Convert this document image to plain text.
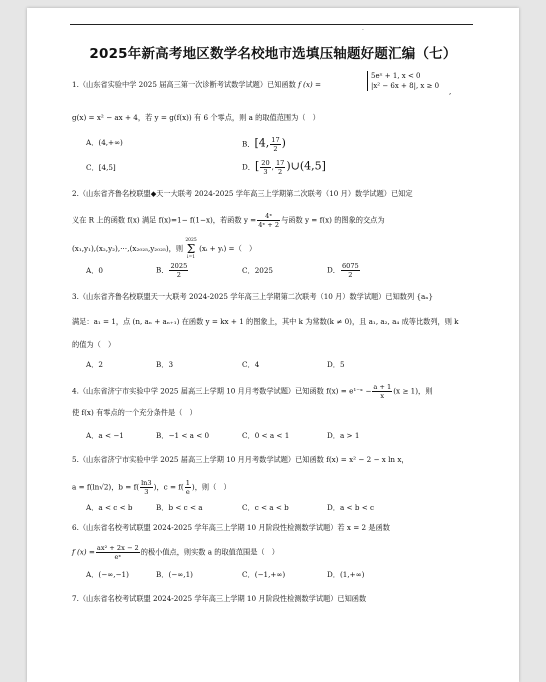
·
2025年新高考地区数学名校地市选填压轴题好题汇编（七）
1.（山东省实验中学 2025 届高三第一次诊断考试数学试题）已知函数 f (x) =
5eˣ + 1, x < 0
|x² − 6x + 8|, x ≥ 0
,
g(x) = x² − ax + 4，若 y = g(f(x)) 有 6 个零点，则 a 的取值范围为（　）
A．(4,+∞)	B．[4, $\frac{17}{2}$ )
C．[4,5]	D．[ $\frac{20}{3}$ , $\frac{17}{2}$ )∪(4,5]
2.（山东省齐鲁名校联盟◆天一大联考 2024-2025 学年高三上学期第二次联考（10 月）数学试题）已知定
义在 R 上的函数 f(x) 满足 f(x)=1− f(1−x)，若函数 $y = \frac{\text{4ˣ}}{\text{4ˣ + 2}}$ 与函数 y = f(x) 的图象的交点为
(x₁,y₁),(x₂,y₂),⋯,(x₂₀₂₅,y₂₀₂₅)，则
2025
Σ
i=1
(xᵢ + yᵢ) =（　）
A．0	B． $\frac{2025}{2}$	C．2025	D． $\frac{6075}{2}$
3.（山东省齐鲁名校联盟天一大联考 2024-2025 学年高三上学期第二次联考（10 月）数学试题）已知数列 {aₙ}
满足：a₁ = 1，点 (n, aₙ + aₙ₊₁) 在函数 y = kx + 1 的图象上，其中 k 为常数(k ≠ 0)，且 a₁, a₂, a₄ 成等比数列，则 k
的值为（　）
A．2	B．3	C．4	D．5
4.（山东省济宁市实验中学 2025 届高三上学期 10 月月考数学试题）已知函数 f(x) = e¹⁻ˣ − $\frac{a + 1}{x} (x \ge 1)$，则
使 f(x) 有零点的一个充分条件是（　）
A．a < −1	B．−1 < a < 0	C．0 < a < 1	D．a > 1
5.（山东省济宁市实验中学 2025 届高三上学期 10 月月考数学试题）已知函数 f(x) = x² − 2 − x ln x，
a = f(ln√2)，$b = f( \frac{\ln 3}{3}$ )，$c = f( \frac{1}{e}$ )，则（　）
A．a < c < b	B．b < c < a	C．c < a < b	D．a < b < c
6.（山东省名校考试联盟 2024-2025 学年高三上学期 10 月阶段性检测数学试题）若 x = 2 是函数
f $(x) = \frac{\text{ax² + 2x − 2}}{\text{eˣ}}$ 的极小值点，则实数 a 的取值范围是（　）
A．(−∞,−1)	B．(−∞,1)	C．(−1,+∞)	D．(1,+∞)
7.（山东省名校考试联盟 2024-2025 学年高三上学期 10 月阶段性检测数学试题）已知函数
